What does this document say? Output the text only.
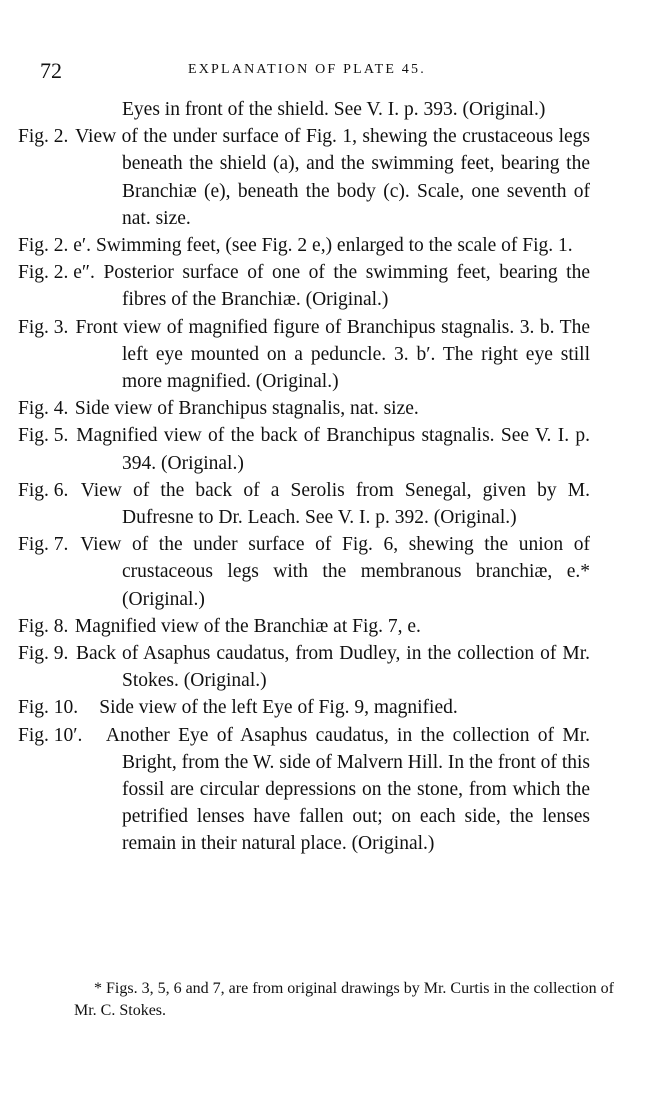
72	EXPLANATION OF PLATE 45.

Eyes in front of the shield. See V. I. p. 393. (Original.)

Fig. 2. View of the under surface of Fig. 1, shewing the crustaceous legs beneath the shield (a), and the swimming feet, bearing the Branchiæ (e), beneath the body (c). Scale, one seventh of nat. size.

Fig. 2. e′. Swimming feet, (see Fig. 2 e,) enlarged to the scale of Fig. 1.

Fig. 2. e″. Posterior surface of one of the swimming feet, bearing the fibres of the Branchiæ. (Original.)

Fig. 3. Front view of magnified figure of Branchipus stagnalis. 3. b. The left eye mounted on a peduncle. 3. b′. The right eye still more magnified. (Original.)

Fig. 4. Side view of Branchipus stagnalis, nat. size.

Fig. 5. Magnified view of the back of Branchipus stagnalis. See V. I. p. 394. (Original.)

Fig. 6. View of the back of a Serolis from Senegal, given by M. Dufresne to Dr. Leach. See V. I. p. 392. (Original.)

Fig. 7. View of the under surface of Fig. 6, shewing the union of crustaceous legs with the membranous branchiæ, e.* (Original.)

Fig. 8. Magnified view of the Branchiæ at Fig. 7, e.

Fig. 9. Back of Asaphus caudatus, from Dudley, in the collection of Mr. Stokes. (Original.)

Fig. 10. Side view of the left Eye of Fig. 9, magnified.

Fig. 10′. Another Eye of Asaphus caudatus, in the collection of Mr. Bright, from the W. side of Malvern Hill. In the front of this fossil are circular depressions on the stone, from which the petrified lenses have fallen out; on each side, the lenses remain in their natural place. (Original.)

* Figs. 3, 5, 6 and 7, are from original drawings by Mr. Curtis in the collection of Mr. C. Stokes.
